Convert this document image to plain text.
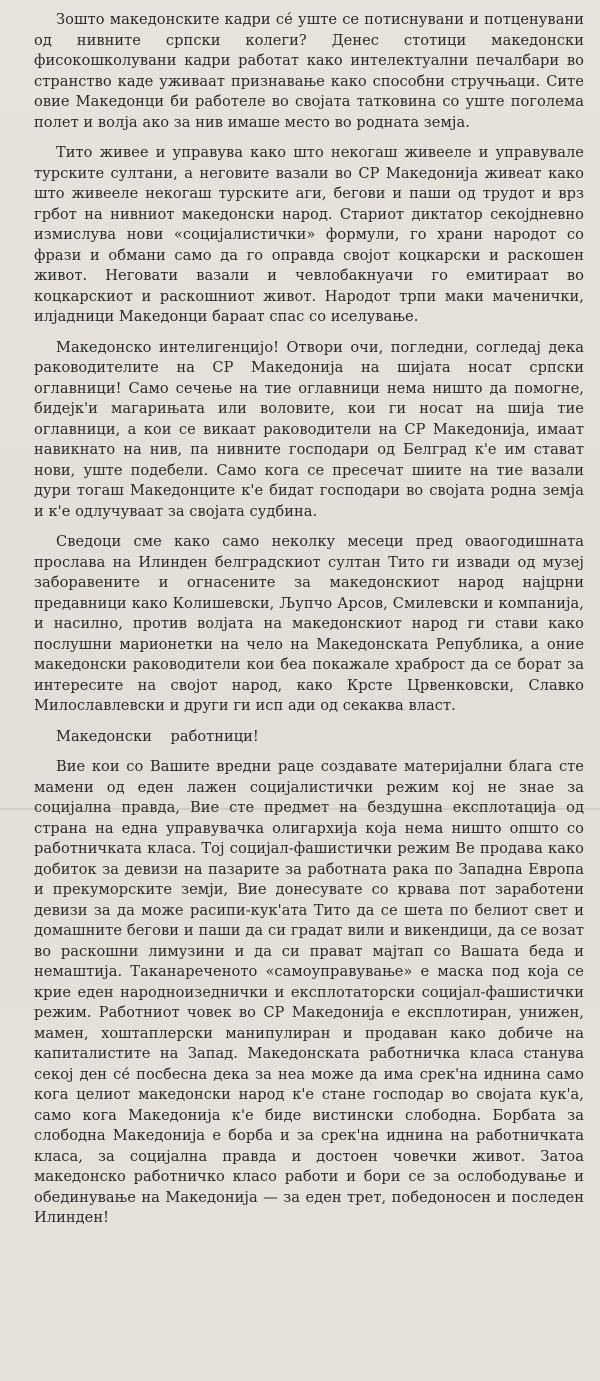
Зошто македонските кадри се́ уште се потиснувани и потценувани од нивните српски колеги? Денес стотици македонски фисокошколувани кадри работат како интелектуални печалбари во странство каде уживаат признавање како способни стручњаци. Сите овие Македонци би работеле во својата татковина со уште поголема полет и волја ако за нив имаше место во родната земја.

Тито живее и управува како што некогаш живееле и управувале турските султани, а неговите вазали во СР Македонија живеат како што живееле некогаш турските аги, бегови и паши од трудот и врз грбот на нивниот македонски народ. Стариот диктатор секојдневно измислува нови «социјалистички» формули, го храни народот со фрази и обмани само да го оправда својот коцкарски и раскошен живот. Неговати вазали и чевлобакнуачи го емитираат во коцкарскиот и раскошниот живот. Народот трпи маки маченички, илјадници Македонци бараат спас со иселување.

Македонско интелигенцијо! Отвори очи, погледни, согледај дека раководителите на СР Македонија на шијата носат српски оглавници! Само сечење на тие оглавници нема ништо да помогне, бидејк'и магарињата или воловите, кои ги носат на шија тие оглавници, а кои се викаат раководители на СР Македонија, имаат навикнато на нив, па нивните господари од Белград к'е им стават нови, уште подебели. Само кога се пресечат шиите на тие вазали дури тогаш Македонците к'е бидат господари во својата родна земја и к'е одлучуваат за својата судбина.

Сведоци сме како само неколку месеци пред оваогодишната прослава на Илинден белградскиот султан Тито ги извади од музеј заборавените и огнасените за македонскиот народ најцрни предавници како Колишевски, Љупчо Арсов, Смилевски и компанија, и насилно, против волјата на македонскиот народ ги стави како послушни марионетки на чело на Македонската Република, а оние македонски раководители кои беа покажале храброст да се борат за интересите на својот народ, како Крсте Црвенковски, Славко Милославлевски и други ги исп ади од секаква власт.

Македонски работници!

Вие кои со Вашите вредни раце создавате материјални блага сте мамени од еден лажен социјалистички режим кој не знае за социјална правда, Вие сте предмет на бездушна експлотација од страна на една управувачка олигархија која нема ништо општо со работничката класа. Тој социјал-фашистички режим Ве продава како добиток за девизи на пазарите за работната рака по Западна Европа и прекуморските земји, Вие донесувате со крвава пот заработени девизи за да може расипи-кук'ата Тито да се шета по белиот свет и домашните бегови и паши да си градат вили и викендици, да се возат во раскошни лимузини и да си прават мајтап со Вашата беда и немаштија. Таканареченото «самоуправување» е маска под која се крие еден народноизеднички и експлотаторски социјал-фашистички режим. Работниот човек во СР Македонија е експлотиран, унижен, мамен, хоштаплерски манипулиран и продаван како добиче на капиталистите на Запад. Македонската работничка класа станува секој ден се́ посбесна дека за неа може да има срек'на иднина само кога целиот македонски народ к'е стане господар во својата кук'а, само кога Македонија к'е биде вистински слободна. Борбата за слободна Македонија е борба и за срек'на иднина на работничката класа, за социјална правда и достоен човечки живот. Затоа македонско работничко класо работи и бори се за ослободување и обединување на Македонија — за еден трет, победоносен и последен Илинден!
